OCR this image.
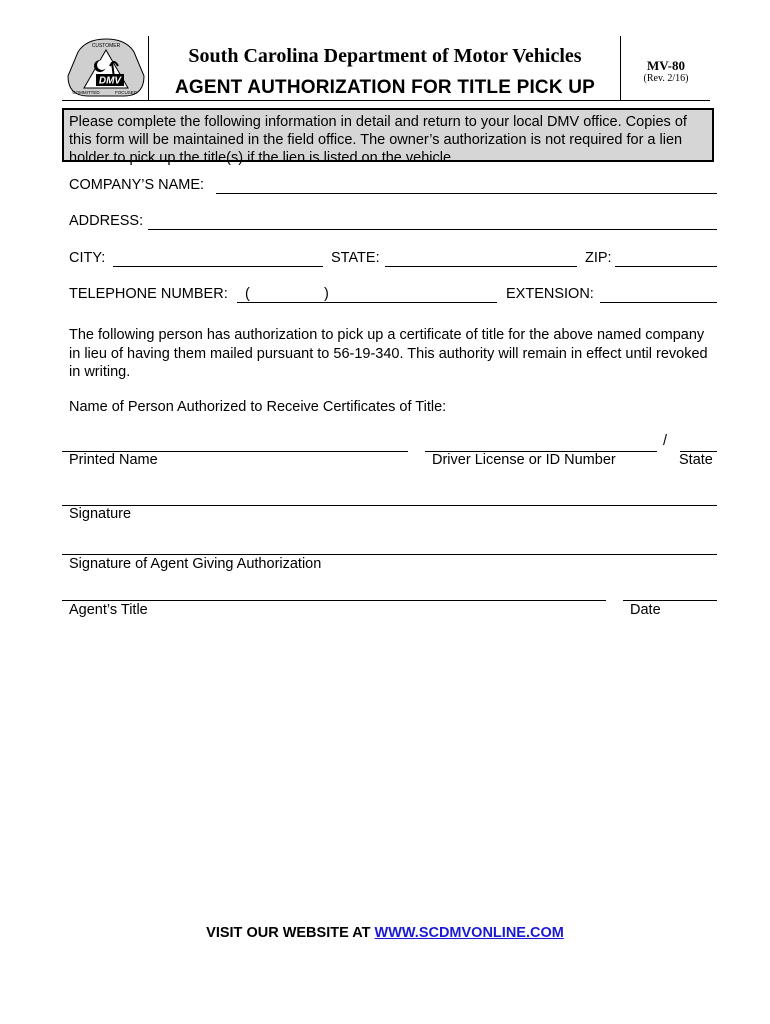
DMV
CUSTOMER
COMMITTED	FOCUSED
South Carolina Department of Motor Vehicles
AGENT AUTHORIZATION FOR TITLE PICK UP
MV-80
(Rev. 2/16)
Please complete the following information in detail and return to your local DMV office. Copies of this form will be maintained in the field office. The owner’s authorization is not required for a lien holder to pick up the title(s) if the lien is listed on the vehicle.
COMPANY’S NAME:
ADDRESS:
CITY:	STATE:	ZIP:
TELEPHONE NUMBER: (	)	EXTENSION:
The following person has authorization to pick up a certificate of title for the above named company in lieu of having them mailed pursuant to 56-19-340. This authority will remain in effect until revoked in writing.
Name of Person Authorized to Receive Certificates of Title:
/
Printed Name	Driver License or ID Number	State
Signature
Signature of Agent Giving Authorization
Agent’s Title	Date
VISIT OUR WEBSITE AT WWW.SCDMVONLINE.COM
